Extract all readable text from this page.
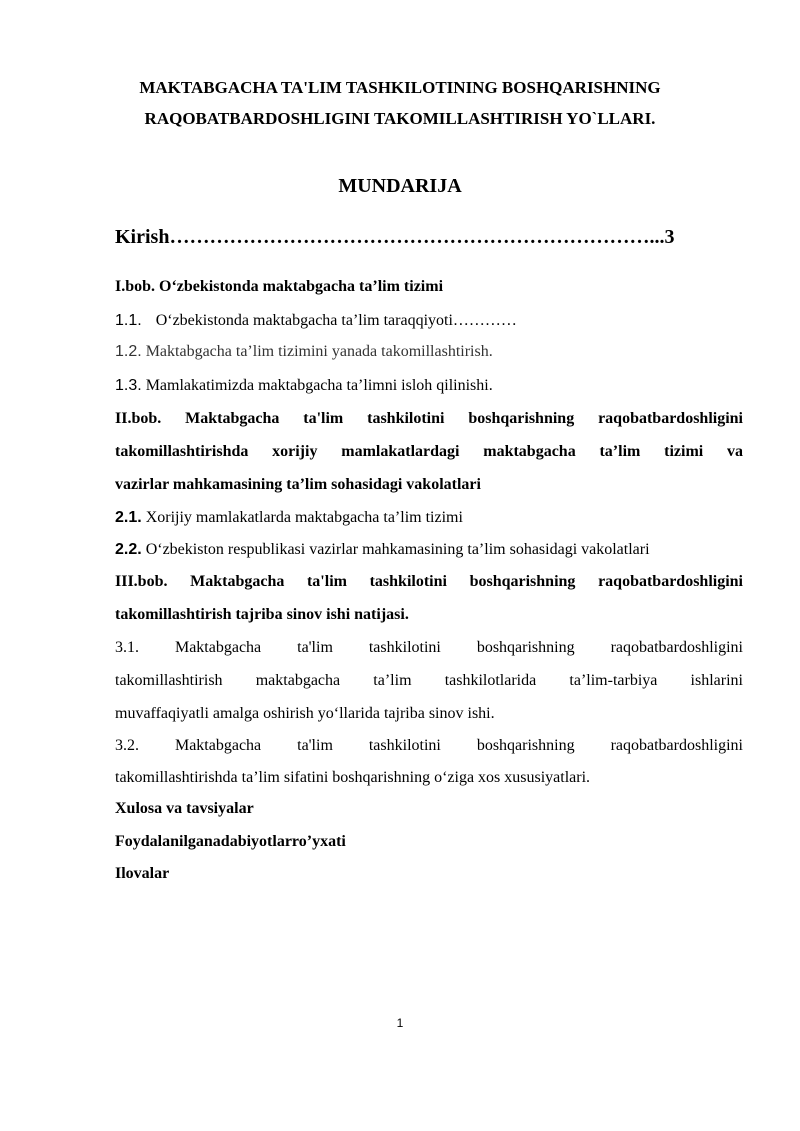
MAKTABGACHA TA'LIM TASHKILOTINING BOSHQARISHNING
RAQOBATBARDOSHLIGINI TAKOMILLASHTIRISH YO`LLARI.
MUNDARIJA
Kirish………………………………………………………………...3
I.bob. O‘zbekistonda maktabgacha ta’lim tizimi
1.1. O‘zbekistonda maktabgacha ta’lim taraqqiyoti…………
1.2. Maktabgacha ta’lim tizimini yanada takomillashtirish.
1.3. Mamlakatimizda maktabgacha ta’limni isloh qilinishi.
II.bob. Maktabgacha ta'lim tashkilotini boshqarishning raqobatbardoshligini
takomillashtirishda xorijiy mamlakatlardagi maktabgacha ta’lim tizimi va
vazirlar mahkamasining ta’lim sohasidagi vakolatlari
2.1. Xorijiy mamlakatlarda maktabgacha ta’lim tizimi
2.2. O‘zbekiston respublikasi vazirlar mahkamasining ta’lim sohasidagi vakolatlari
III.bob. Maktabgacha ta'lim tashkilotini boshqarishning raqobatbardoshligini
takomillashtirish tajriba sinov ishi natijasi.
3.1. Maktabgacha ta'lim tashkilotini boshqarishning raqobatbardoshligini
takomillashtirish maktabgacha ta’lim tashkilotlarida ta’lim-tarbiya ishlarini
muvaffaqiyatli amalga oshirish yo‘llarida tajriba sinov ishi.
3.2. Maktabgacha ta'lim tashkilotini boshqarishning raqobatbardoshligini
takomillashtirishda ta’lim sifatini boshqarishning o‘ziga xos xususiyatlari.
Xulosa va tavsiyalar
Foydalanilganadabiyotlarro’yxati
Ilovalar
1
